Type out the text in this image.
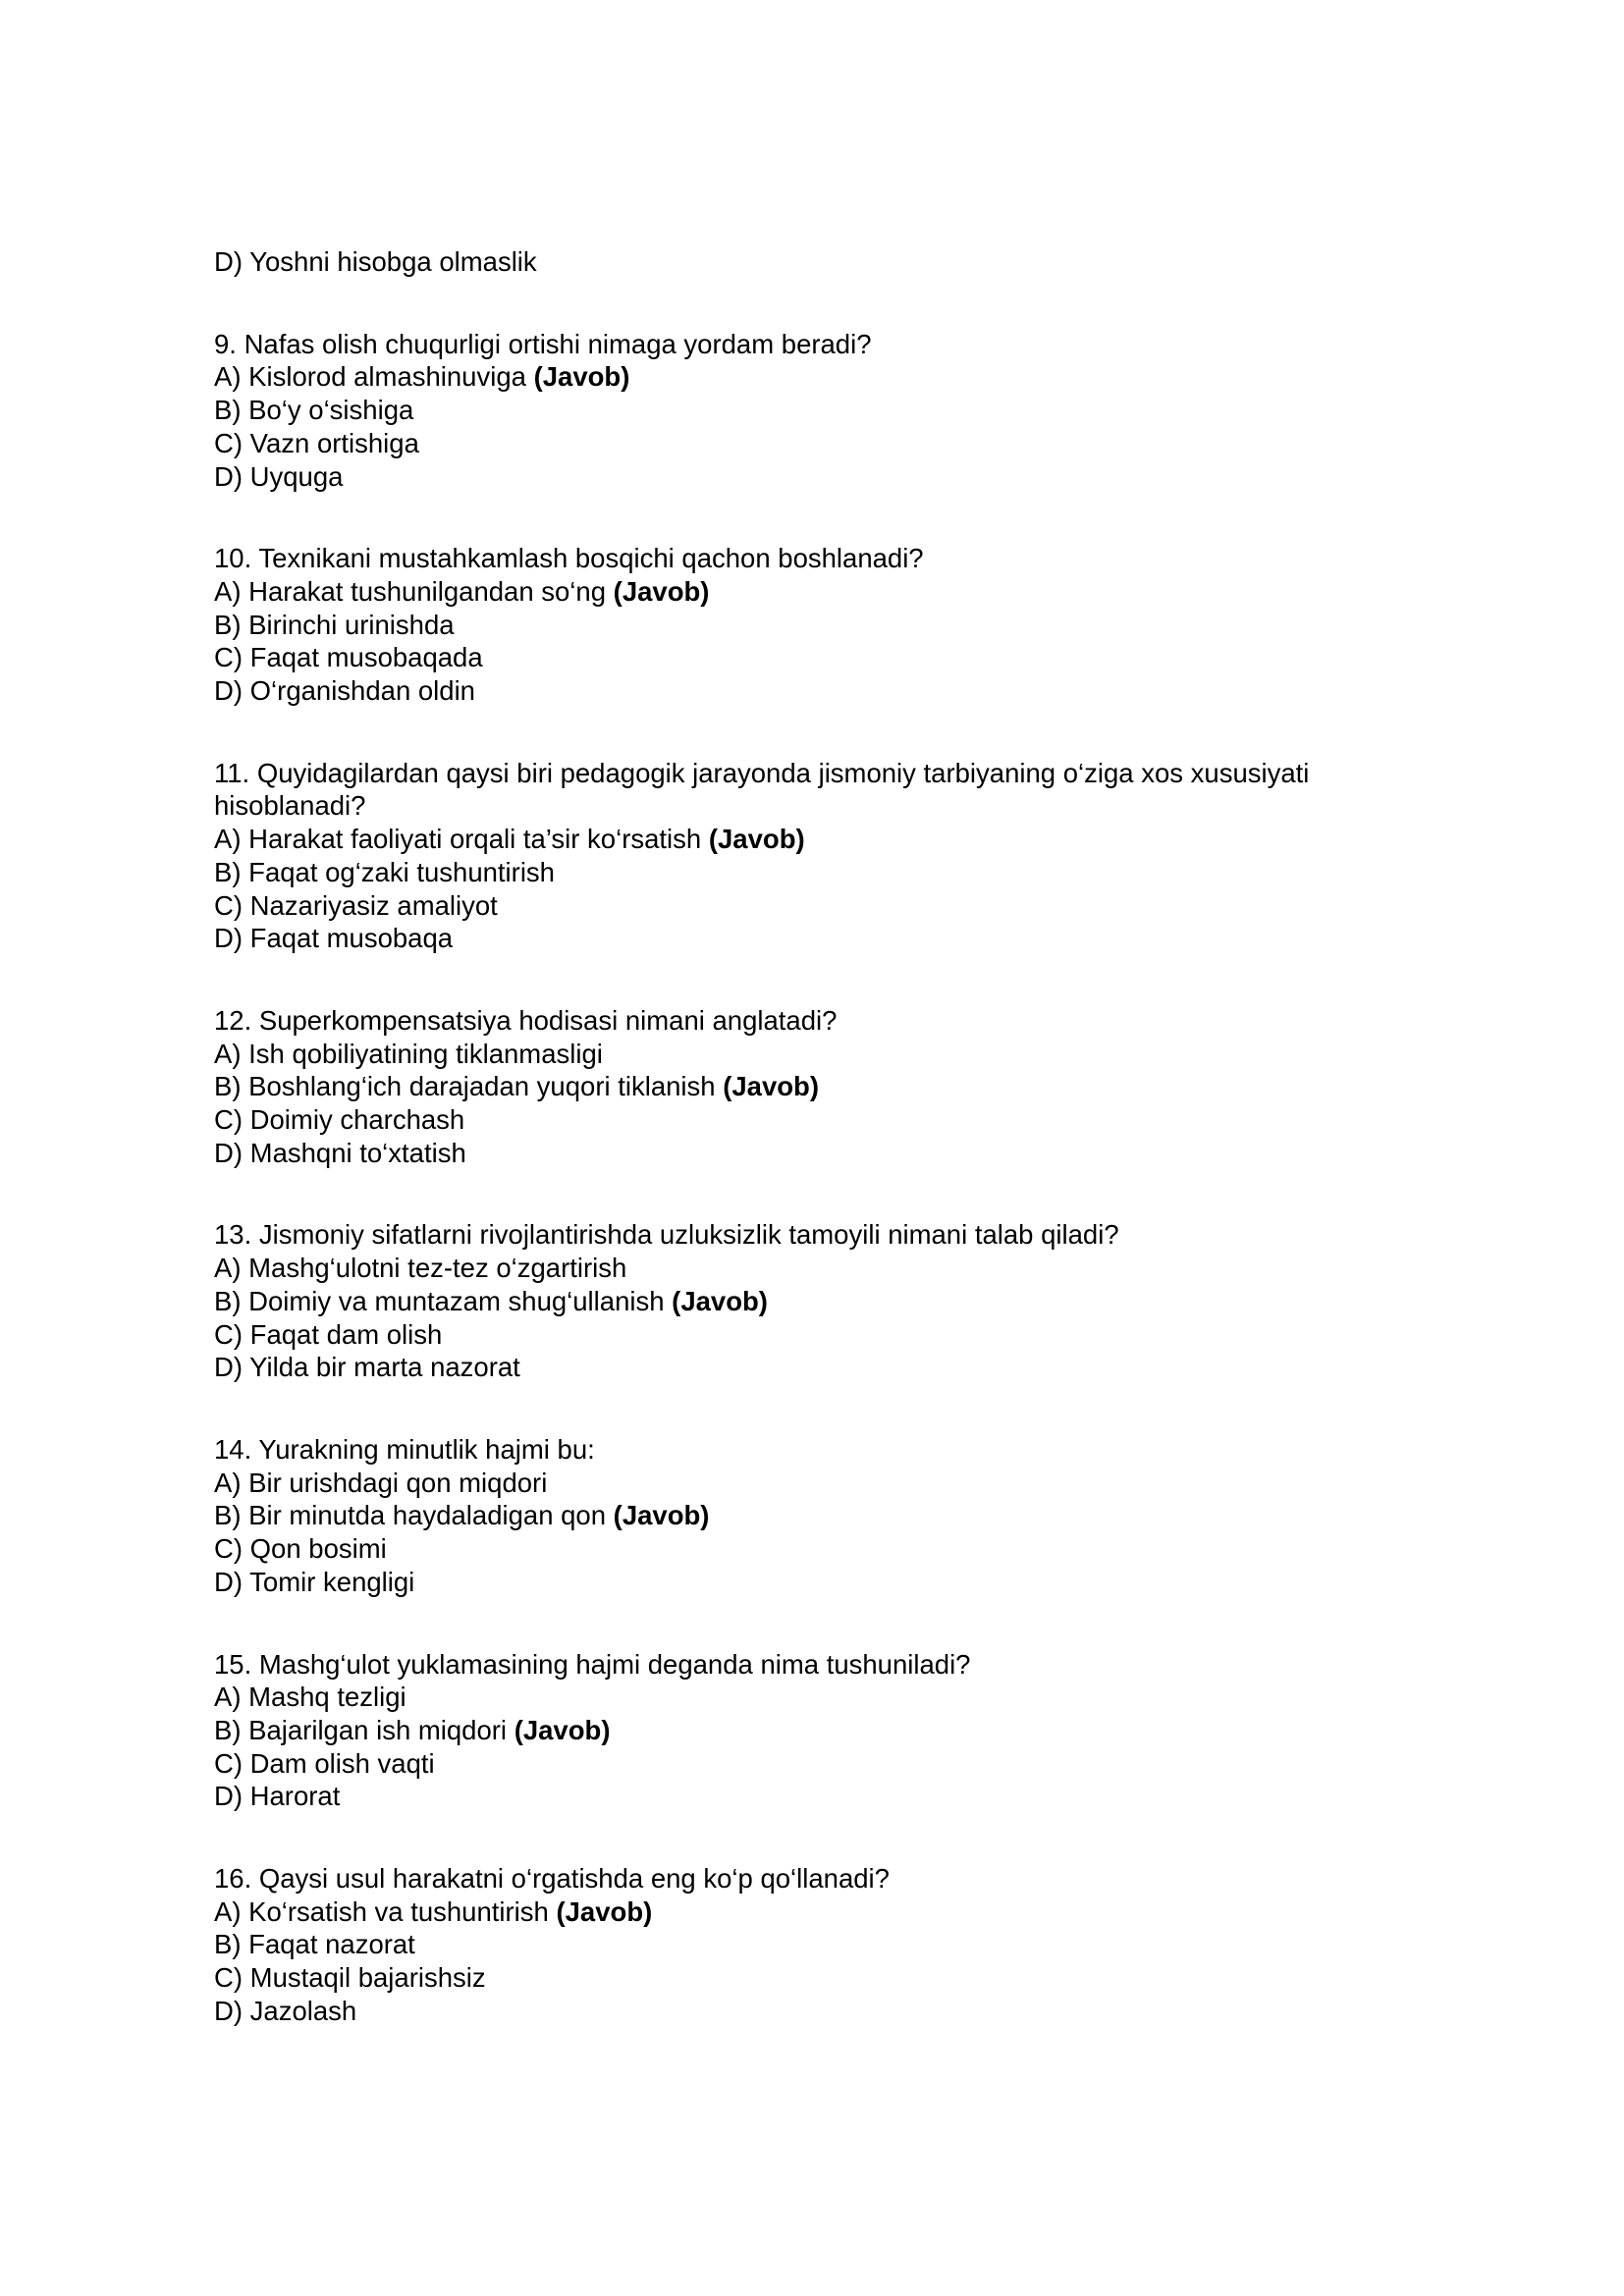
D) Yoshni hisobga olmaslik
9. Nafas olish chuqurligi ortishi nimaga yordam beradi?
A) Kislorod almashinuviga (Javob)
B) Bo‘y o‘sishiga
C) Vazn ortishiga
D) Uyquga
10. Texnikani mustahkamlash bosqichi qachon boshlanadi?
A) Harakat tushunilgandan so‘ng (Javob)
B) Birinchi urinishda
C) Faqat musobaqada
D) O‘rganishdan oldin
11. Quyidagilardan qaysi biri pedagogik jarayonda jismoniy tarbiyaning o‘ziga xos xususiyati hisoblanadi?
A) Harakat faoliyati orqali ta’sir ko‘rsatish (Javob)
B) Faqat og‘zaki tushuntirish
C) Nazariyasiz amaliyot
D) Faqat musobaqa
12. Superkompensatsiya hodisasi nimani anglatadi?
A) Ish qobiliyatining tiklanmasligi
B) Boshlang‘ich darajadan yuqori tiklanish (Javob)
C) Doimiy charchash
D) Mashqni to‘xtatish
13. Jismoniy sifatlarni rivojlantirishda uzluksizlik tamoyili nimani talab qiladi?
A) Mashg‘ulotni tez-tez o‘zgartirish
B) Doimiy va muntazam shug‘ullanish (Javob)
C) Faqat dam olish
D) Yilda bir marta nazorat
14. Yurakning minutlik hajmi bu:
A) Bir urishdagi qon miqdori
B) Bir minutda haydaladigan qon (Javob)
C) Qon bosimi
D) Tomir kengligi
15. Mashg‘ulot yuklamasining hajmi deganda nima tushuniladi?
A) Mashq tezligi
B) Bajarilgan ish miqdori (Javob)
C) Dam olish vaqti
D) Harorat
16. Qaysi usul harakatni o‘rgatishda eng ko‘p qo‘llanadi?
A) Ko‘rsatish va tushuntirish (Javob)
B) Faqat nazorat
C) Mustaqil bajarishsiz
D) Jazolash
